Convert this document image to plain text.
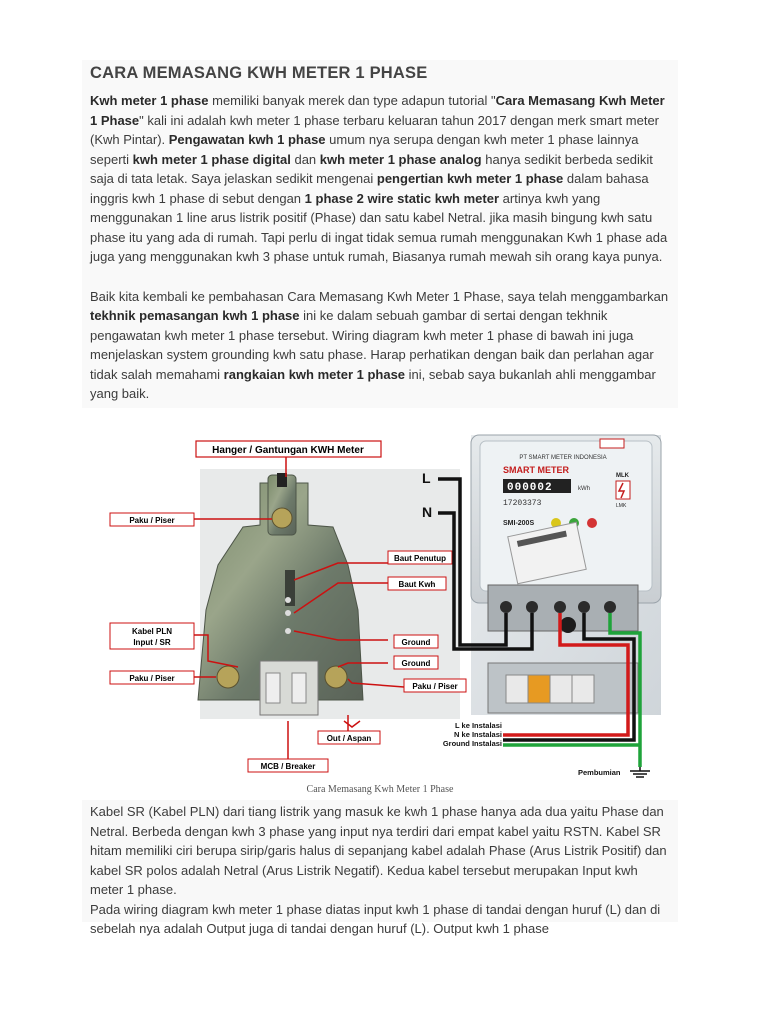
CARA MEMASANG KWH METER 1 PHASE

Kwh meter 1 phase memiliki banyak merek dan type adapun tutorial "Cara Memasang Kwh Meter 1 Phase" kali ini adalah kwh meter 1 phase terbaru keluaran tahun 2017 dengan merk smart meter (Kwh Pintar). Pengawatan kwh 1 phase umum nya serupa dengan kwh meter 1 phase lainnya seperti kwh meter 1 phase digital dan kwh meter 1 phase analog hanya sedikit berbeda sedikit saja di tata letak. Saya jelaskan sedikit mengenai pengertian kwh meter 1 phase dalam bahasa inggris kwh 1 phase di sebut dengan 1 phase 2 wire static kwh meter artinya kwh yang menggunakan 1 line arus listrik positif (Phase) dan satu kabel Netral. jika masih bingung kwh satu phase itu yang ada di rumah. Tapi perlu di ingat tidak semua rumah menggunakan Kwh 1 phase ada juga yang menggunakan kwh 3 phase untuk rumah, Biasanya rumah mewah sih orang kaya punya.

Baik kita kembali ke pembahasan Cara Memasang Kwh Meter 1 Phase, saya telah menggambarkan tekhnik pemasangan kwh 1 phase ini ke dalam sebuah gambar di sertai dengan tekhnik pengawatan kwh meter 1 phase tersebut. Wiring diagram kwh meter 1 phase di bawah ini juga menjelaskan system grounding kwh satu phase. Harap perhatikan dengan baik dan perlahan agar tidak salah memahami rangkaian kwh meter 1 phase ini, sebab saya bukanlah ahli menggambar yang baik.

Hanger / Gantungan KWH Meter
Paku / Piser
Kabel PLN
Input / SR
Paku / Piser
Baut Penutup
Baut Kwh
Ground
Ground
Paku / Piser
Out / Aspan
MCB / Breaker
PT SMART METER INDONESIA
SMART METER
000002	kWh
17203373
SMI-200S
MLK
LMK
L
N
L ke Instalasi
N ke Instalasi
Ground Instalasi
Pembumian
Cara Memasang Kwh Meter 1 Phase

Kabel SR (Kabel PLN) dari tiang listrik yang masuk ke kwh 1 phase hanya ada dua yaitu Phase dan Netral. Berbeda dengan kwh 3 phase yang input nya terdiri dari empat kabel yaitu RSTN. Kabel SR hitam memiliki ciri berupa sirip/garis halus di sepanjang kabel adalah Phase (Arus Listrik Positif) dan kabel SR polos adalah Netral (Arus Listrik Negatif). Kedua kabel tersebut merupakan Input kwh meter 1 phase.

Pada wiring diagram kwh meter 1 phase diatas input kwh 1 phase di tandai dengan huruf (L) dan di sebelah nya adalah Output juga di tandai dengan huruf (L). Output kwh 1 phase
